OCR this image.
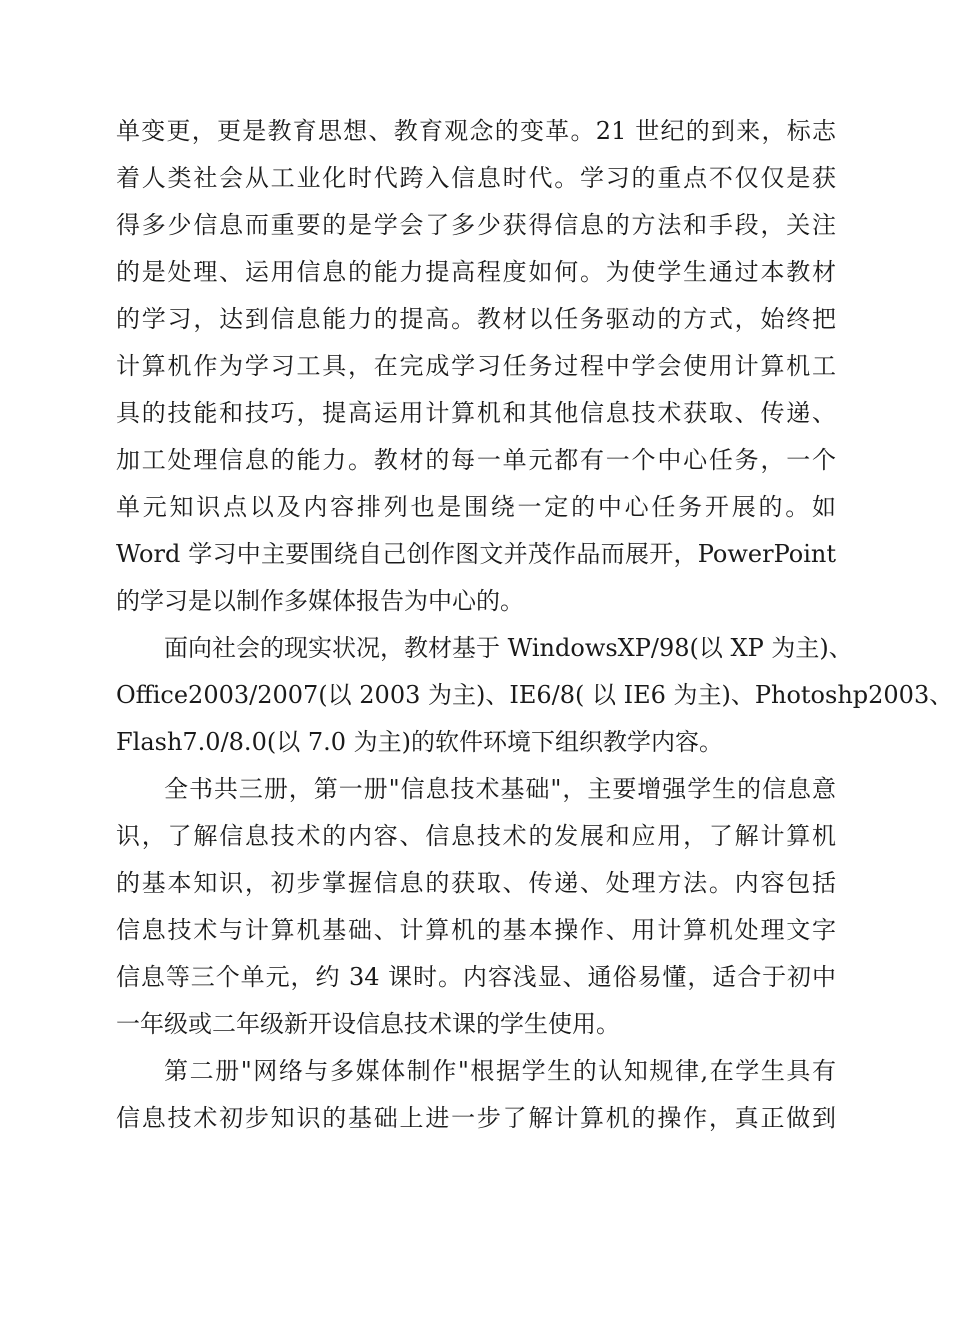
单变更，更是教育思想、教育观念的变革。21 世纪的到来，标志
着人类社会从工业化时代跨入信息时代。学习的重点不仅仅是获
得多少信息而重要的是学会了多少获得信息的方法和手段，关注
的是处理、运用信息的能力提高程度如何。为使学生通过本教材
的学习，达到信息能力的提高。教材以任务驱动的方式，始终把
计算机作为学习工具，在完成学习任务过程中学会使用计算机工
具的技能和技巧，提高运用计算机和其他信息技术获取、传递、
加工处理信息的能力。教材的每一单元都有一个中心任务，一个
单元知识点以及内容排列也是围绕一定的中心任务开展的。如
Word 学习中主要围绕自己创作图文并茂作品而展开，PowerPoint
的学习是以制作多媒体报告为中心的。
面向社会的现实状况，教材基于 WindowsXP/98(以 XP 为主)、
Office2003/2007(以 2003 为主)、IE6/8( 以 IE6 为主)、Photoshp2003、
Flash7.0/8.0(以 7.0 为主)的软件环境下组织教学内容。
全书共三册，第一册"信息技术基础"，主要增强学生的信息意
识，了解信息技术的内容、信息技术的发展和应用，了解计算机
的基本知识，初步掌握信息的获取、传递、处理方法。内容包括
信息技术与计算机基础、计算机的基本操作、用计算机处理文字
信息等三个单元，约 34 课时。内容浅显、通俗易懂，适合于初中
一年级或二年级新开设信息技术课的学生使用。
第二册"网络与多媒体制作"根据学生的认知规律,在学生具有
信息技术初步知识的基础上进一步了解计算机的操作，真正做到
